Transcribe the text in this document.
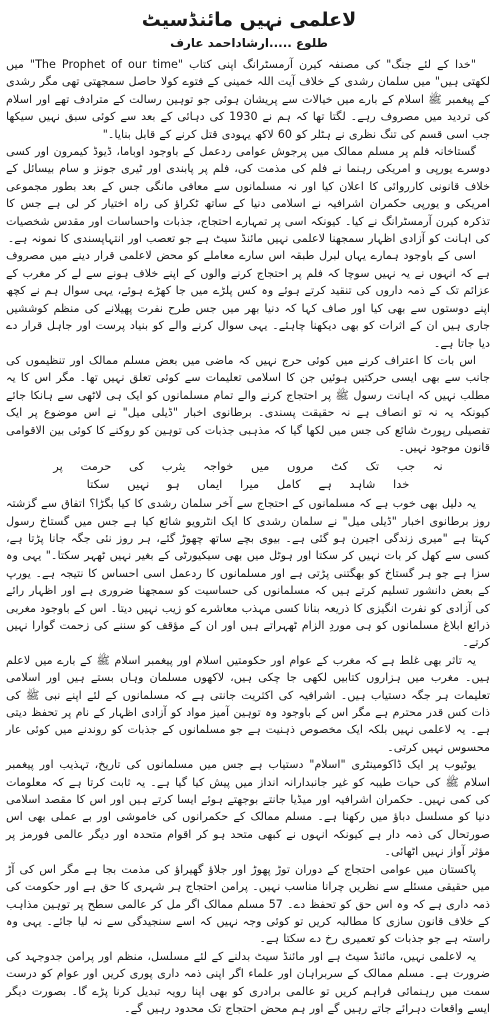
لاعلمی نہیں مائنڈسیٹ
طلوع .....ارشاداحمد عارف

"خدا کے لئے جنگ" کی مصنفہ کیرن آرمسٹرانگ اپنی کتاب "The Prophet of our time" میں لکھتی ہیں" میں سلمان رشدی کے خلاف آیت اللہ خمینی کے فتوے کولا حاصل سمجھتی تھی مگر رشدی کے پیغمبر ﷺ اسلام کے بارے میں خیالات سے پریشان ہوئی جو توہین رسالت کے مترادف تھے اور اسلام کی تردید میں مصروف رہے۔ لگتا تھا کہ ہم نے 1930 کی دہائی کے بعد سے کوئی سبق نہیں سیکھا جب اسی قسم کی تنگ نظری نے ہٹلر کو 60 لاکھ یہودی قتل کرنے کے قابل بنایا۔"

گستاخانہ فلم پر مسلم ممالک میں پرجوش عوامی ردعمل کے باوجود اوباما، ڈیوڈ کیمرون اور کسی دوسرے یورپی و امریکی رہنما نے فلم کی مذمت کی، فلم پر پابندی اور ٹیری جونز و سام بیسائل کے خلاف قانونی کارروائی کا اعلان کیا اور نہ مسلمانوں سے معافی مانگی جس کے بعد بطور مجموعی امریکی و یورپی حکمران اشرافیہ نے اسلامی دنیا کے ساتھ ٹکراؤ کی راہ اختیار کر لی ہے جس کا تذکرہ کیرن آرمسٹرانگ نے کیا۔ کیونکہ اسی پر تمہارے احتجاج، جذبات واحساسات اور مقدس شخصیات کی اہانت کو آزادی اظہار سمجھنا لاعلمی نہیں مائنڈ سیٹ ہے جو تعصب اور انتہاپسندی کا نمونہ ہے۔

اسی کے باوجود ہمارے یہاں لبرل طبقہ اس سارے معاملے کو محض لاعلمی قرار دینے میں مصروف ہے کہ انہوں نے یہ نہیں سوچا کہ فلم پر احتجاج کرنے والوں کے اپنے خلاف ہونے سے لے کر مغرب کے عزائم تک کے ذمہ داروں کی تنقید کرتے ہوئے وہ کس پلڑے میں جا کھڑے ہوئے، یہی سوال ہم نے کچھ اپنے دوستوں سے بھی کیا اور صاف کہا کہ دنیا بھر میں جس طرح نفرت پھیلانے کی منظم کوششیں جاری ہیں ان کے اثرات کو بھی دیکھنا چاہئے۔ یہی سوال کرنے والے کو بنیاد پرست اور جاہل قرار دے دیا جاتا ہے۔

اس بات کا اعتراف کرنے میں کوئی حرج نہیں کہ ماضی میں بعض مسلم ممالک اور تنظیموں کی جانب سے بھی ایسی حرکتیں ہوئیں جن کا اسلامی تعلیمات سے کوئی تعلق نہیں تھا۔ مگر اس کا یہ مطلب نہیں کہ اہانت رسول ﷺ پر احتجاج کرنے والے تمام مسلمانوں کو ایک ہی لاٹھی سے ہانکا جائے کیونکہ یہ نہ تو انصاف ہے نہ حقیقت پسندی۔ برطانوی اخبار "ڈیلی میل" نے اس موضوع پر ایک تفصیلی رپورٹ شائع کی جس میں لکھا گیا کہ مذہبی جذبات کی توہین کو روکنے کا کوئی بین الاقوامی قانون موجود نہیں۔

نہ جب تک کٹ مروں میں خواجہ یثرب کی حرمت پر
خدا شاہد ہے کامل میرا ایماں ہو نہیں سکتا

یہ دلیل بھی خوب ہے کہ مسلمانوں کے احتجاج سے آخر سلمان رشدی کا کیا بگڑا؟ اتفاق سے گزشتہ روز برطانوی اخبار "ڈیلی میل" نے سلمان رشدی کا ایک انٹرویو شائع کیا ہے جس میں گستاخ رسول کہتا ہے "میری زندگی اجیرن ہو گئی ہے۔ بیوی بچے ساتھ چھوڑ گئے، ہر روز نئی جگہ جانا پڑتا ہے، کسی سے کھل کر بات نہیں کر سکتا اور ہوٹل میں بھی سیکیورٹی کے بغیر نہیں ٹھہر سکتا۔" یہی وہ سزا ہے جو ہر گستاخ کو بھگتنی پڑتی ہے اور مسلمانوں کا ردعمل اسی احساس کا نتیجہ ہے۔ یورپ کے بعض دانشور تسلیم کرتے ہیں کہ مسلمانوں کی حساسیت کو سمجھنا ضروری ہے اور اظہار رائے کی آزادی کو نفرت انگیزی کا ذریعہ بنانا کسی مہذب معاشرے کو زیب نہیں دیتا۔ اس کے باوجود مغربی ذرائع ابلاغ مسلمانوں کو ہی موردِ الزام ٹھہراتے ہیں اور ان کے مؤقف کو سننے کی زحمت گوارا نہیں کرتے۔

یہ تاثر بھی غلط ہے کہ مغرب کے عوام اور حکومتیں اسلام اور پیغمبر اسلام ﷺ کے بارے میں لاعلم ہیں۔ مغرب میں ہزاروں کتابیں لکھی جا چکی ہیں، لاکھوں مسلمان وہاں بستے ہیں اور اسلامی تعلیمات ہر جگہ دستیاب ہیں۔ اشرافیہ کی اکثریت جانتی ہے کہ مسلمانوں کے لئے اپنے نبی ﷺ کی ذات کس قدر محترم ہے مگر اس کے باوجود وہ توہین آمیز مواد کو آزادی اظہار کے نام پر تحفظ دیتی ہے۔ یہ لاعلمی نہیں بلکہ ایک مخصوص ذہنیت ہے جو مسلمانوں کے جذبات کو روندنے میں کوئی عار محسوس نہیں کرتی۔

یوٹیوب پر ایک ڈاکومینٹری "اسلام" دستیاب ہے جس میں مسلمانوں کی تاریخ، تہذیب اور پیغمبر اسلام ﷺ کی حیات طیبہ کو غیر جانبدارانہ انداز میں پیش کیا گیا ہے۔ یہ ثابت کرتا ہے کہ معلومات کی کمی نہیں۔ حکمران اشرافیہ اور میڈیا جانتے بوجھتے ہوئے ایسا کرتے ہیں اور اس کا مقصد اسلامی دنیا کو مسلسل دباؤ میں رکھنا ہے۔ مسلم ممالک کے حکمرانوں کی خاموشی اور بے عملی بھی اس صورتحال کی ذمہ دار ہے کیونکہ انہوں نے کبھی متحد ہو کر اقوام متحدہ اور دیگر عالمی فورمز پر مؤثر آواز نہیں اٹھائی۔

پاکستان میں عوامی احتجاج کے دوران توڑ پھوڑ اور جلاؤ گھیراؤ کی مذمت بجا ہے مگر اس کی آڑ میں حقیقی مسئلے سے نظریں چرانا مناسب نہیں۔ پرامن احتجاج ہر شہری کا حق ہے اور حکومت کی ذمہ داری ہے کہ وہ اس حق کو تحفظ دے۔ 57 مسلم ممالک اگر مل کر عالمی سطح پر توہین مذاہب کے خلاف قانون سازی کا مطالبہ کریں تو کوئی وجہ نہیں کہ اسے سنجیدگی سے نہ لیا جائے۔ یہی وہ راستہ ہے جو جذبات کو تعمیری رخ دے سکتا ہے۔

یہ لاعلمی نہیں، مائنڈ سیٹ ہے اور مائنڈ سیٹ بدلنے کے لئے مسلسل، منظم اور پرامن جدوجہد کی ضرورت ہے۔ مسلم ممالک کے سربراہان اور علماء اگر اپنی ذمہ داری پوری کریں اور عوام کو درست سمت میں رہنمائی فراہم کریں تو عالمی برادری کو بھی اپنا رویہ تبدیل کرنا پڑے گا۔ بصورت دیگر ایسے واقعات دہرائے جاتے رہیں گے اور ہم محض احتجاج تک محدود رہیں گے۔
